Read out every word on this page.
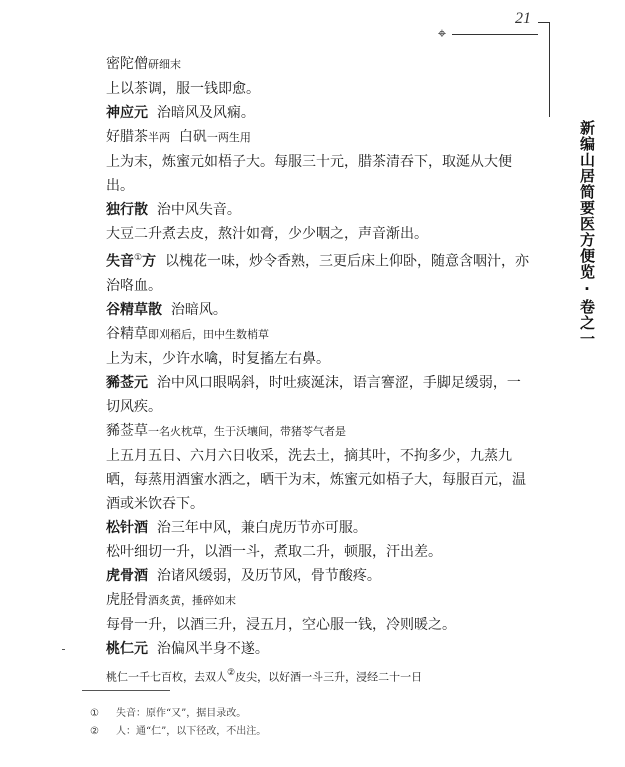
⌖
21
新编山居简要医方便览·卷之一
密陀僧研细末
上以茶调，服一钱即愈。
神应元 治暗风及风痫。
好腊茶半两 白矾一两生用
上为末，炼蜜元如梧子大。每服三十元，腊茶清吞下，取涎从大便出。
独行散 治中风失音。
大豆二升煮去皮，熬汁如膏，少少咽之，声音渐出。
失音①方 以槐花一味，炒令香熟，三更后床上仰卧，随意含咽汁，亦治咯血。
谷精草散 治暗风。
谷精草即刈稻后，田中生数梢草
上为末，少许水噙，时复搐左右鼻。
豨莶元 治中风口眼㖞斜，时吐痰涎沫，语言謇涩，手脚足缓弱，一切风疾。
豨莶草一名火枕草，生于沃壤间，带猪苓气者是
上五月五日、六月六日收采，洗去土，摘其叶，不拘多少，九蒸九晒，每蒸用酒蜜水洒之，晒干为末，炼蜜元如梧子大，每服百元，温酒或米饮吞下。
松针酒 治三年中风，兼白虎历节亦可服。
松叶细切一升，以酒一斗，煮取二升，顿服，汗出差。
虎骨酒 治诸风缓弱，及历节风，骨节酸疼。
虎胫骨酒炙黄，捶碎如末
每骨一升，以酒三升，浸五月，空心服一钱，冷则暖之。
桃仁元 治偏风半身不遂。
桃仁一千七百枚，去双人②皮尖，以好酒一斗三升，浸经二十一日
① 失音：原作“又”，据目录改。
② 人：通“仁”，以下径改，不出注。
